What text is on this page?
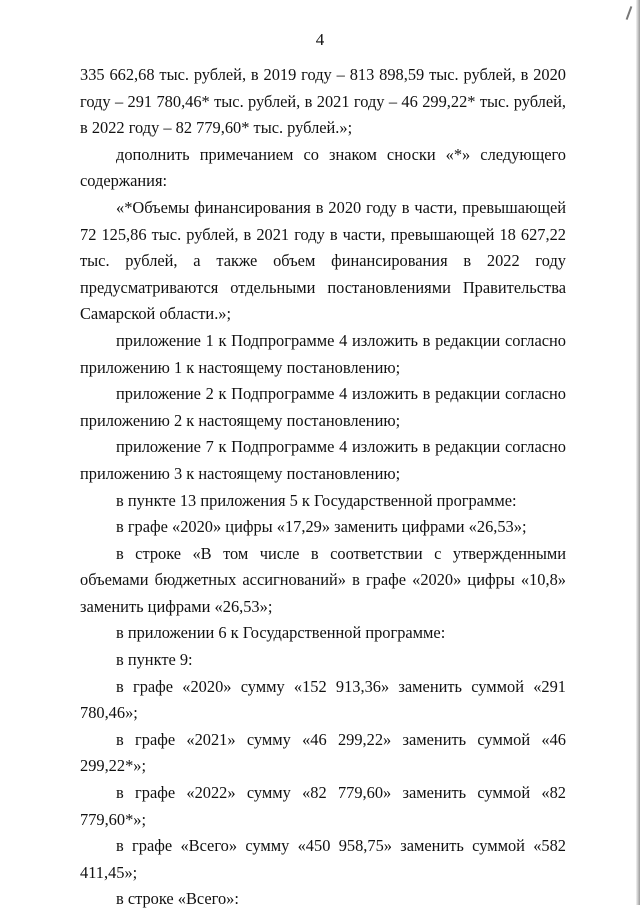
4

335 662,68 тыс. рублей, в 2019 году – 813 898,59 тыс. рублей, в 2020 году – 291 780,46* тыс. рублей, в 2021 году – 46 299,22* тыс. рублей, в 2022 году – 82 779,60* тыс. рублей.»;

дополнить примечанием со знаком сноски «*» следующего содержания:

«*Объемы финансирования в 2020 году в части, превышающей 72 125,86 тыс. рублей, в 2021 году в части, превышающей 18 627,22 тыс. рублей, а также объем финансирования в 2022 году предусматриваются отдельными постановлениями Правительства Самарской области.»;

приложение 1 к Подпрограмме 4 изложить в редакции согласно приложению 1 к настоящему постановлению;

приложение 2 к Подпрограмме 4 изложить в редакции согласно приложению 2 к настоящему постановлению;

приложение 7 к Подпрограмме 4 изложить в редакции согласно приложению 3 к настоящему постановлению;

в пункте 13 приложения 5 к Государственной программе:

в графе «2020» цифры «17,29» заменить цифрами «26,53»;

в строке «В том числе в соответствии с утвержденными объемами бюджетных ассигнований» в графе «2020» цифры «10,8» заменить цифрами «26,53»;

в приложении 6 к Государственной программе:

в пункте 9:

в графе «2020» сумму «152 913,36» заменить суммой «291 780,46»;

в графе «2021» сумму «46 299,22» заменить суммой «46 299,22*»;

в графе «2022» сумму «82 779,60» заменить суммой «82 779,60*»;

в графе «Всего» сумму «450 958,75» заменить суммой «582 411,45»;

в строке «Всего»:
